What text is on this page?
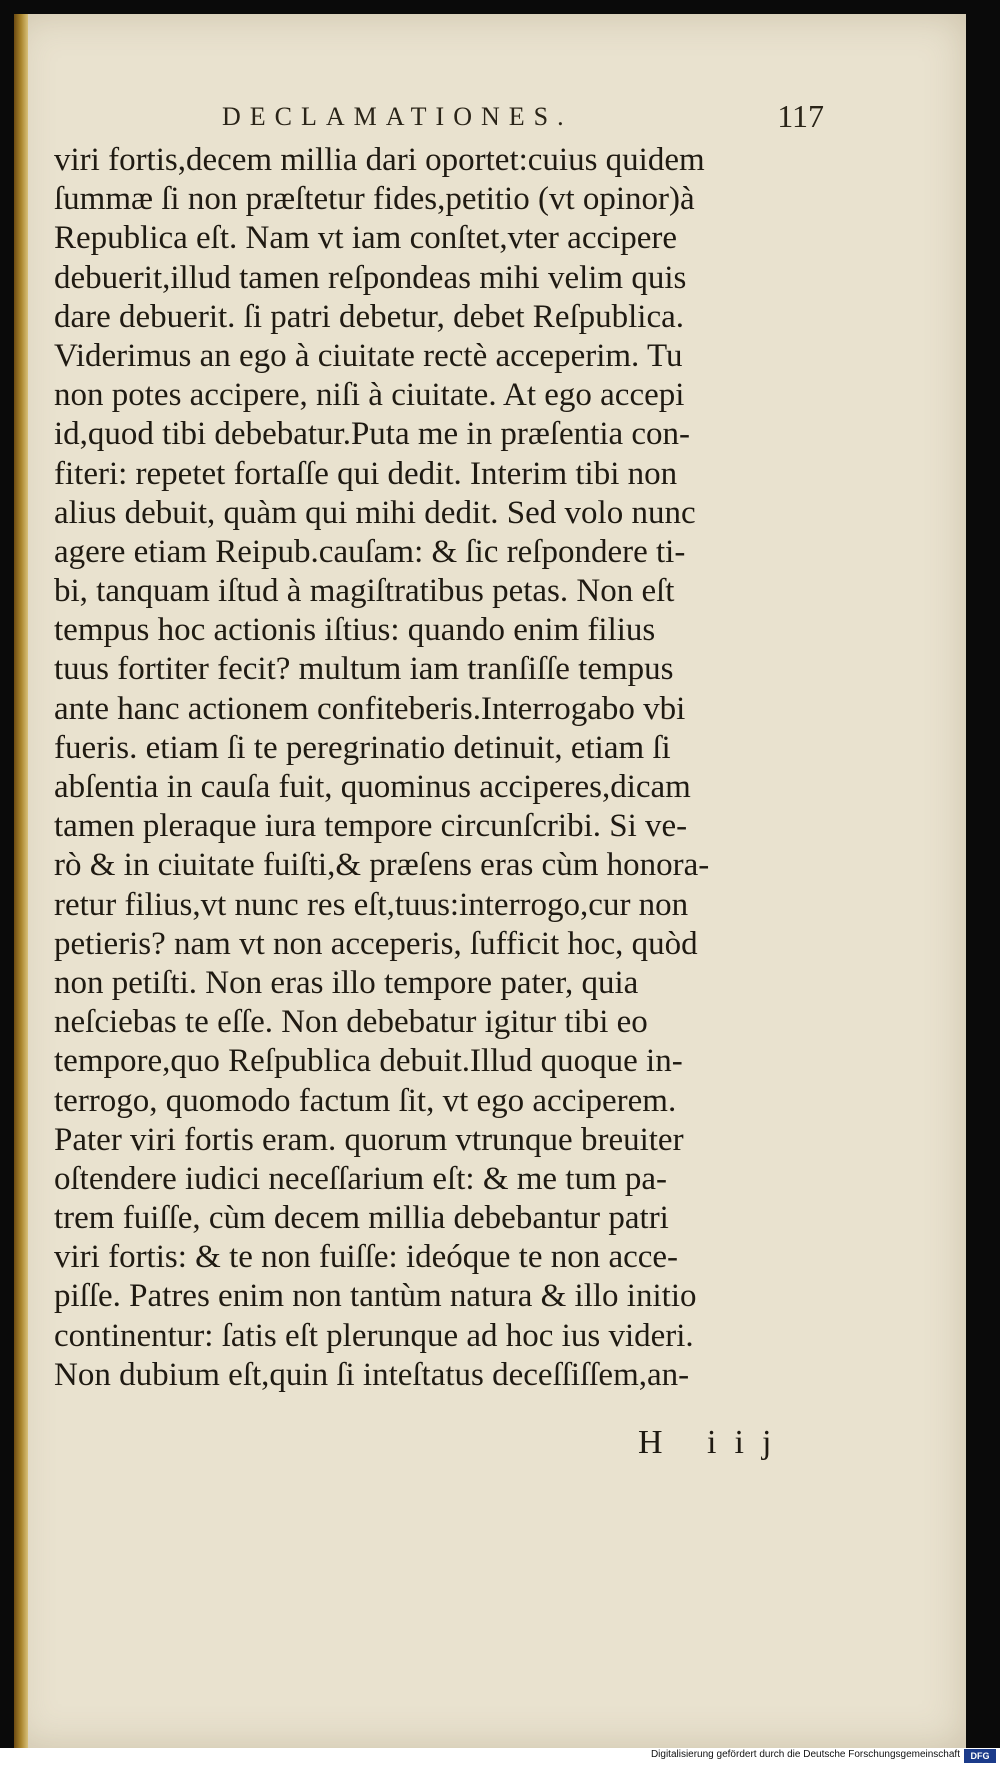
DECLAMATIONES.	117
viri fortis,decem millia dari oportet:cuius quidem
ſummæ ſi non præſtetur fides,petitio (vt opinor)à
Republica eſt. Nam vt iam conſtet,vter accipere
debuerit,illud tamen reſpondeas mihi velim quis
dare debuerit. ſi patri debetur, debet Reſpublica.
Viderimus an ego à ciuitate rectè acceperim. Tu
non potes accipere, niſi à ciuitate. At ego accepi
id,quod tibi debebatur.Puta me in præſentia con-
fiteri: repetet fortaſſe qui dedit. Interim tibi non
alius debuit, quàm qui mihi dedit. Sed volo nunc
agere etiam Reipub.cauſam: & ſic reſpondere ti-
bi, tanquam iſtud à magiſtratibus petas. Non eſt
tempus hoc actionis iſtius: quando enim filius
tuus fortiter fecit? multum iam tranſiſſe tempus
ante hanc actionem confiteberis.Interrogabo vbi
fueris. etiam ſi te peregrinatio detinuit, etiam ſi
abſentia in cauſa fuit, quominus acciperes,dicam
tamen pleraque iura tempore circunſcribi. Si ve-
rò & in ciuitate fuiſti,& præſens eras cùm honora-
retur filius,vt nunc res eſt,tuus:interrogo,cur non
petieris? nam vt non acceperis, ſufficit hoc, quòd
non petiſti. Non eras illo tempore pater, quia
neſciebas te eſſe. Non debebatur igitur tibi eo
tempore,quo Reſpublica debuit.Illud quoque in-
terrogo, quomodo factum ſit, vt ego acciperem.
Pater viri fortis eram. quorum vtrunque breuiter
oſtendere iudici neceſſarium eſt: & me tum pa-
trem fuiſſe, cùm decem millia debebantur patri
viri fortis: & te non fuiſſe: ideóque te non acce-
piſſe. Patres enim non tantùm natura & illo initio
continentur: ſatis eſt plerunque ad hoc ius videri.
Non dubium eſt,quin ſi inteſtatus deceſſiſſem,an-
H iij
Digitalisierung gefördert durch die Deutsche Forschungsgemeinschaft	DFG
